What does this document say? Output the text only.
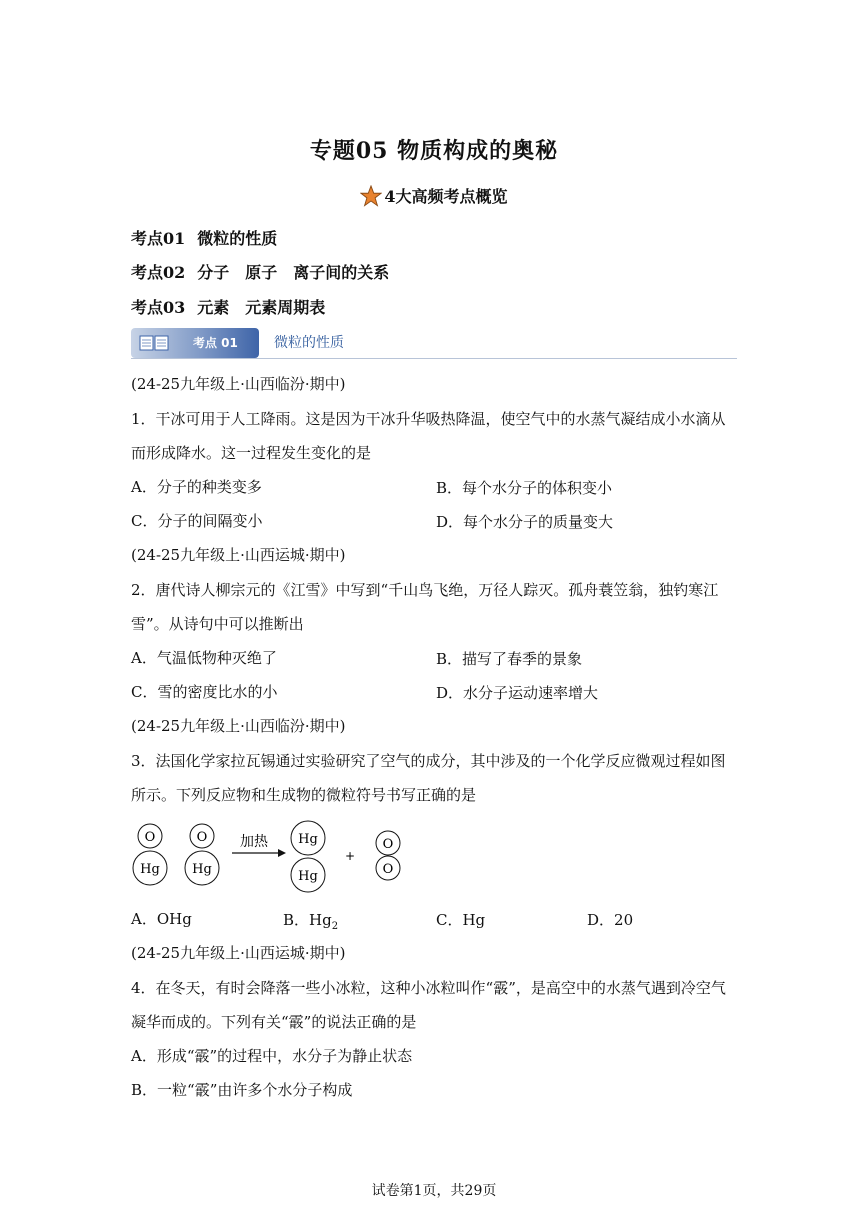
专题05 物质构成的奥秘
4大高频考点概览
考点01 微粒的性质
考点02 分子　原子　离子间的关系
考点03 元素　元素周期表
考点 01	微粒的性质
(24-25九年级上·山西临汾·期中)
1．干冰可用于人工降雨。这是因为干冰升华吸热降温，使空气中的水蒸气凝结成小水滴从
而形成降水。这一过程发生变化的是
A．分子的种类变多	B．每个水分子的体积变小
C．分子的间隔变小	D．每个水分子的质量变大
(24-25九年级上·山西运城·期中)
2．唐代诗人柳宗元的《江雪》中写到“千山鸟飞绝，万径人踪灭。孤舟蓑笠翁，独钓寒江
雪”。从诗句中可以推断出
A．气温低物种灭绝了	B．描写了春季的景象
C．雪的密度比水的小	D．水分子运动速率增大
(24-25九年级上·山西临汾·期中)
3．法国化学家拉瓦锡通过实验研究了空气的成分，其中涉及的一个化学反应微观过程如图
所示。下列反应物和生成物的微粒符号书写正确的是
O
Hg
O
Hg
加热 Hg
Hg
+
O
O
A．OHg	B．$Hg_2$	C．Hg	D．20
(24-25九年级上·山西运城·期中)
4．在冬天，有时会降落一些小冰粒，这种小冰粒叫作“霰”，是高空中的水蒸气遇到冷空气
凝华而成的。下列有关“霰”的说法正确的是
A．形成“霰”的过程中，水分子为静止状态
B．一粒“霰”由许多个水分子构成
试卷第1页，共29页
